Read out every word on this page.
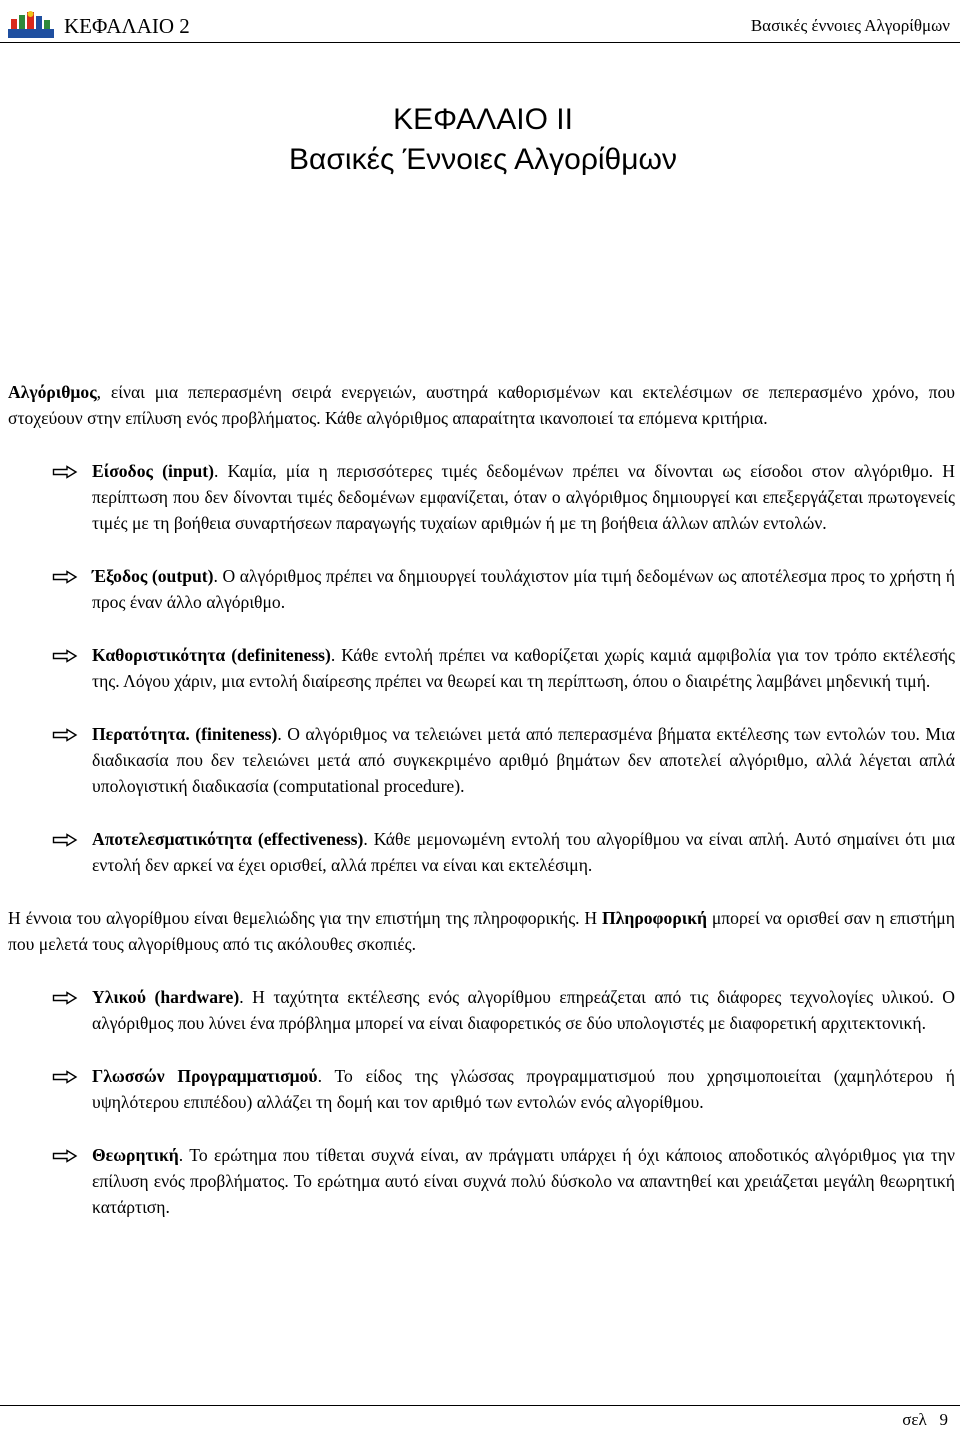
ΚΕΦΑΛΑΙΟ 2	Βασικές έννοιες Αλγορίθμων
ΚΕΦΑΛΑΙΟ ΙΙ
Βασικές Έννοιες Αλγορίθμων

Αλγόριθμος, είναι μια πεπερασμένη σειρά ενεργειών, αυστηρά καθορισμένων και εκτελέσιμων σε πεπερασμένο χρόνο, που στοχεύουν στην επίλυση ενός προβλήματος. Κάθε αλγόριθμος απαραίτητα ικανοποιεί τα επόμενα κριτήρια.

Είσοδος (input). Καμία, μία η περισσότερες τιμές δεδομένων πρέπει να δίνονται ως είσοδοι στον αλγόριθμο. Η περίπτωση που δεν δίνονται τιμές δεδομένων εμφανίζεται, όταν ο αλγόριθμος δημιουργεί και επεξεργάζεται πρωτογενείς τιμές με τη βοήθεια συναρτήσεων παραγωγής τυχαίων αριθμών ή με τη βοήθεια άλλων απλών εντολών.

Έξοδος (output). Ο αλγόριθμος πρέπει να δημιουργεί τουλάχιστον μία τιμή δεδομένων ως αποτέλεσμα προς το χρήστη ή προς έναν άλλο αλγόριθμο.

Καθοριστικότητα (definiteness). Κάθε εντολή πρέπει να καθορίζεται χωρίς καμιά αμφιβολία για τον τρόπο εκτέλεσής της. Λόγου χάριν, μια εντολή διαίρεσης πρέπει να θεωρεί και τη περίπτωση, όπου ο διαιρέτης λαμβάνει μηδενική τιμή.

Περατότητα. (finiteness). Ο αλγόριθμος να τελειώνει μετά από πεπερασμένα βήματα εκτέλεσης των εντολών του. Μια διαδικασία που δεν τελειώνει μετά από συγκεκριμένο αριθμό βημάτων δεν αποτελεί αλγόριθμο, αλλά λέγεται απλά υπολογιστική διαδικασία (computational procedure).

Αποτελεσματικότητα (effectiveness). Κάθε μεμονωμένη εντολή του αλγορίθμου να είναι απλή. Αυτό σημαίνει ότι μια εντολή δεν αρκεί να έχει ορισθεί, αλλά πρέπει να είναι και εκτελέσιμη.

Η έννοια του αλγορίθμου είναι θεμελιώδης για την επιστήμη της πληροφορικής. Η Πληροφορική μπορεί να ορισθεί σαν η επιστήμη που μελετά τους αλγορίθμους από τις ακόλουθες σκοπιές.

Υλικού (hardware). Η ταχύτητα εκτέλεσης ενός αλγορίθμου επηρεάζεται από τις διάφορες τεχνολογίες υλικού. Ο αλγόριθμος που λύνει ένα πρόβλημα μπορεί να είναι διαφορετικός σε δύο υπολογιστές με διαφορετική αρχιτεκτονική.

Γλωσσών Προγραμματισμού. Το είδος της γλώσσας προγραμματισμού που χρησιμοποιείται (χαμηλότερου ή υψηλότερου επιπέδου) αλλάζει τη δομή και τον αριθμό των εντολών ενός αλγορίθμου.

Θεωρητική. Το ερώτημα που τίθεται συχνά είναι, αν πράγματι υπάρχει ή όχι κάποιος αποδοτικός αλγόριθμος για την επίλυση ενός προβλήματος. Το ερώτημα αυτό είναι συχνά πολύ δύσκολο να απαντηθεί και χρειάζεται μεγάλη θεωρητική κατάρτιση.

σελ 9
